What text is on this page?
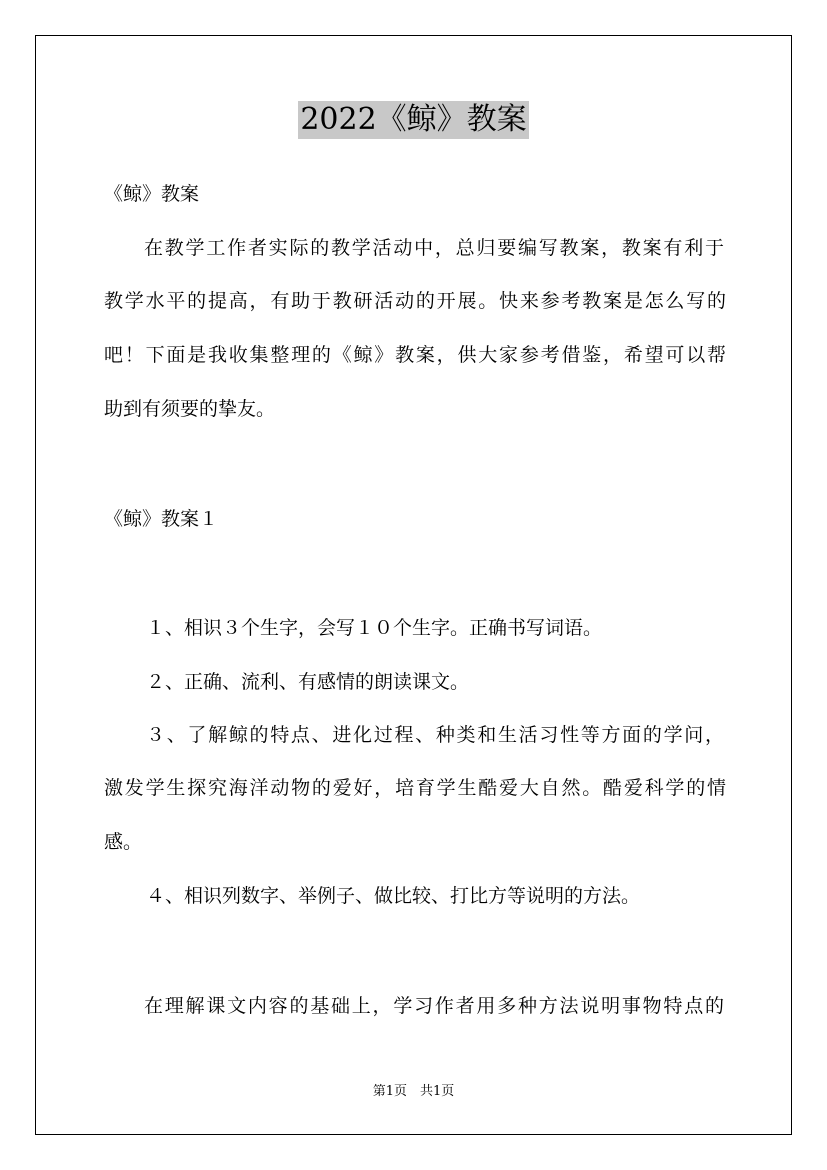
2022《鲸》教案
《鲸》教案
在教学工作者实际的教学活动中，总归要编写教案，教案有利于
教学水平的提高，有助于教研活动的开展。快来参考教案是怎么写的
吧！下面是我收集整理的《鲸》教案，供大家参考借鉴，希望可以帮
助到有须要的挚友。
《鲸》教案１
１、相识３个生字，会写１０个生字。正确书写词语。
２、正确、流利、有感情的朗读课文。
３、了解鲸的特点、进化过程、种类和生活习性等方面的学问，
激发学生探究海洋动物的爱好，培育学生酷爱大自然。酷爱科学的情
感。
４、相识列数字、举例子、做比较、打比方等说明的方法。
在理解课文内容的基础上，学习作者用多种方法说明事物特点的
第1页　共1页
